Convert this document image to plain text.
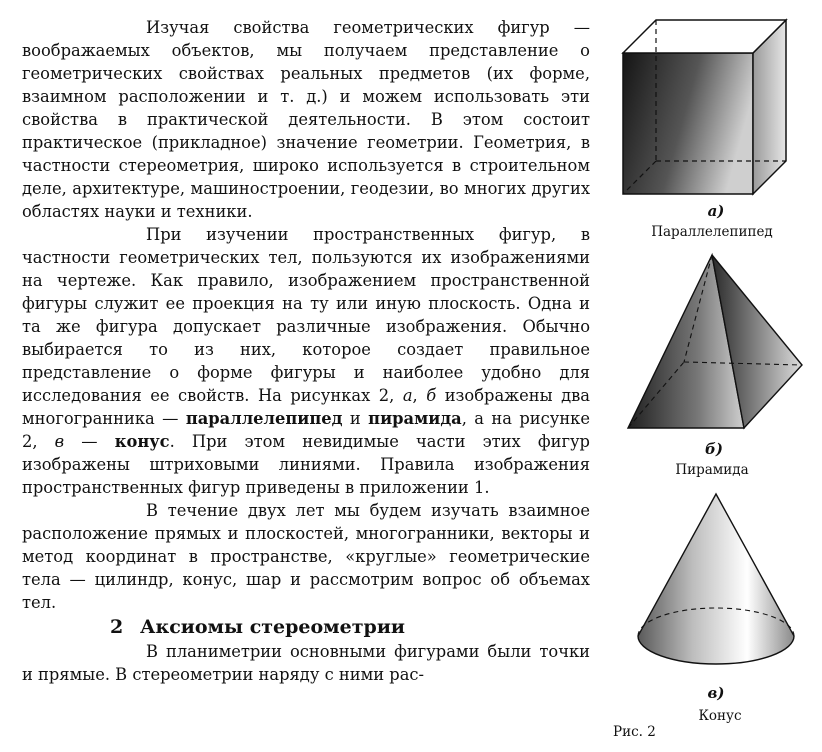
Изучая свойства геометрических фигур — воображаемых объектов, мы получаем представление о геометрических свойствах реальных предметов (их форме, взаимном расположении и т. д.) и можем использовать эти свойства в практической деятельности. В этом состоит практическое (прикладное) значение геометрии. Геометрия, в частности стереометрия, широко используется в строительном деле, архитектуре, машиностроении, геодезии, во многих других областях науки и техники.

При изучении пространственных фигур, в частности геометрических тел, пользуются их изображениями на чертеже. Как правило, изображением пространственной фигуры служит ее проекция на ту или иную плоскость. Одна и та же фигура допускает различные изображения. Обычно выбирается то из них, которое создает правильное представление о форме фигуры и наиболее удобно для исследования ее свойств. На рисунках 2, а, б изображены два многогранника — параллелепипед и пирамида, а на рисунке 2, в — конус. При этом невидимые части этих фигур изображены штриховыми линиями. Правила изображения пространственных фигур приведены в приложении 1.

В течение двух лет мы будем изучать взаимное расположение прямых и плоскостей, многогранники, векторы и метод координат в пространстве, «круглые» геометрические тела — цилиндр, конус, шар и рассмотрим вопрос об объемах тел.

2 Аксиомы стереометрии

В планиметрии основными фигурами были точки и прямые. В стереометрии наряду с ними рас-

а)
Параллелепипед
б)
Пирамида
в)
Конус
Рис. 2
